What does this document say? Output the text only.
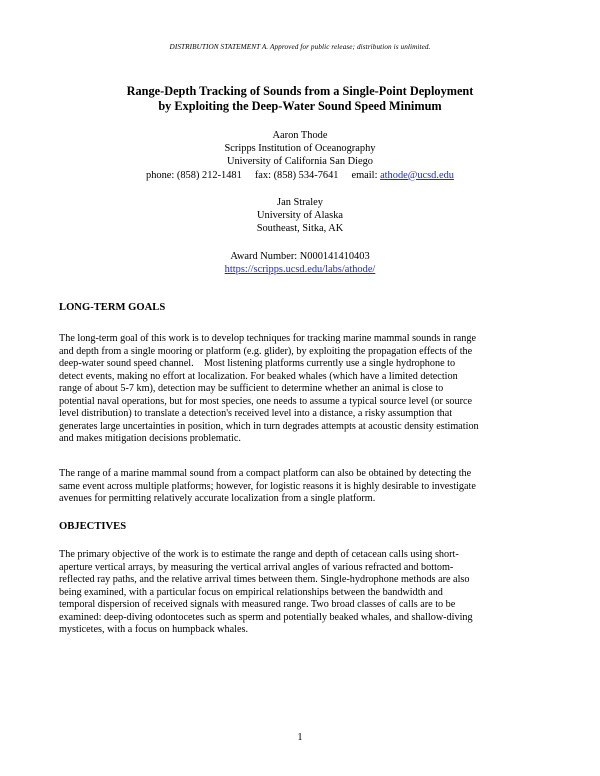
DISTRIBUTION STATEMENT A. Approved for public release; distribution is unlimited.
Range-Depth Tracking of Sounds from a Single-Point Deployment
by Exploiting the Deep-Water Sound Speed Minimum
Aaron Thode
Scripps Institution of Oceanography
University of California San Diego
phone: (858) 212-1481     fax: (858) 534-7641     email: athode@ucsd.edu
Jan Straley
University of Alaska
Southeast, Sitka, AK
Award Number: N000141410403
https://scripps.ucsd.edu/labs/athode/
LONG-TERM GOALS

The long-term goal of this work is to develop techniques for tracking marine mammal sounds in range
and depth from a single mooring or platform (e.g. glider), by exploiting the propagation effects of the
deep-water sound speed channel.    Most listening platforms currently use a single hydrophone to
detect events, making no effort at localization. For beaked whales (which have a limited detection
range of about 5-7 km), detection may be sufficient to determine whether an animal is close to
potential naval operations, but for most species, one needs to assume a typical source level (or source
level distribution) to translate a detection's received level into a distance, a risky assumption that
generates large uncertainties in position, which in turn degrades attempts at acoustic density estimation
and makes mitigation decisions problematic.

The range of a marine mammal sound from a compact platform can also be obtained by detecting the
same event across multiple platforms; however, for logistic reasons it is highly desirable to investigate
avenues for permitting relatively accurate localization from a single platform.

OBJECTIVES

The primary objective of the work is to estimate the range and depth of cetacean calls using short-
aperture vertical arrays, by measuring the vertical arrival angles of various refracted and bottom-
reflected ray paths, and the relative arrival times between them. Single-hydrophone methods are also
being examined, with a particular focus on empirical relationships between the bandwidth and
temporal dispersion of received signals with measured range. Two broad classes of calls are to be
examined: deep-diving odontocetes such as sperm and potentially beaked whales, and shallow-diving
mysticetes, with a focus on humpback whales.

1
